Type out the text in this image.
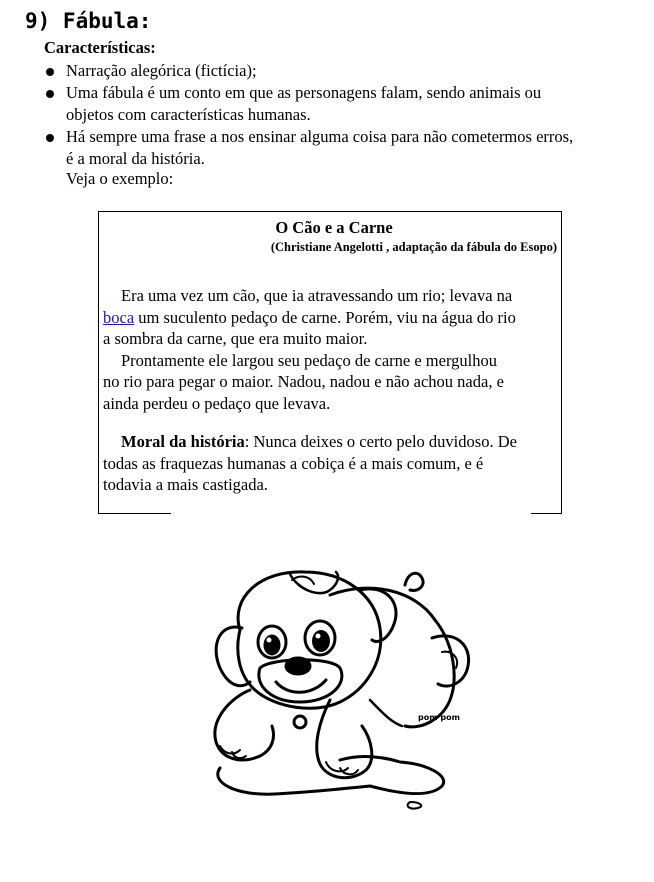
9) Fábula:
Características:
Narração alegórica (fictícia);
Uma fábula é um conto em que as personagens falam, sendo animais ou
objetos com características humanas.
Há sempre uma frase a nos ensinar alguma coisa para não cometermos erros,
é a moral da história.
Veja o exemplo:
O Cão e a Carne
(Christiane Angelotti , adaptação da fábula do Esopo)
Era uma vez um cão, que ia atravessando um rio; levava na
boca um suculento pedaço de carne. Porém, viu na água do rio
a sombra da carne, que era muito maior.
Prontamente ele largou seu pedaço de carne e mergulhou
no rio para pegar o maior. Nadou, nadou e não achou nada, e
ainda perdeu o pedaço que levava.
Moral da história: Nunca deixes o certo pelo duvidoso. De
todas as fraquezas humanas a cobiça é a mais comum, e é
todavia a mais castigada.
pom pom
